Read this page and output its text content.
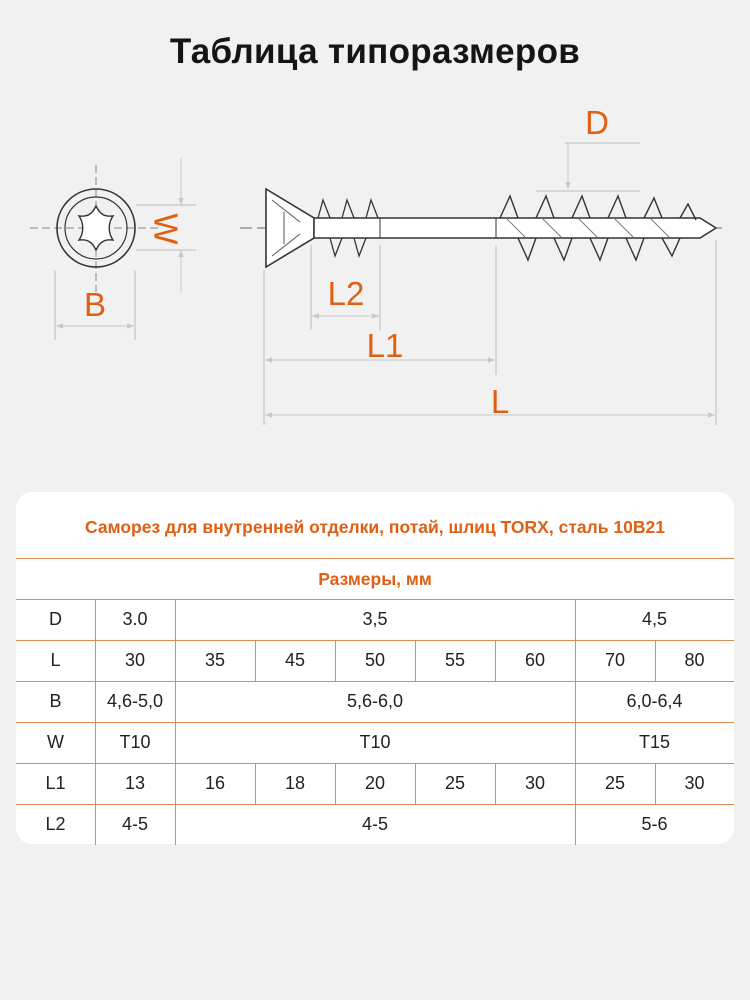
Таблица типоразмеров
W
B
D
L2
L1
L
Саморез для внутренней отделки, потай, шлиц TORX, сталь 10B21
Размеры, мм
D	3.0	3,5	4,5
L	30	35	45	50	55	60	70	80
B	4,6-5,0	5,6-6,0	6,0-6,4
W	T10	T10	T15
L1	13	16	18	20	25	30	25	30
L2	4-5	4-5	5-6
